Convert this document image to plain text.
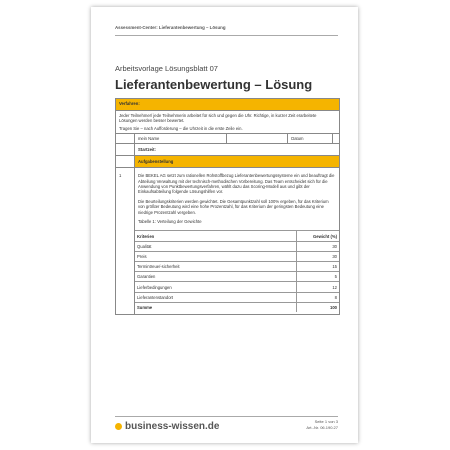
Assessment-Center: Lieferantenbewertung – Lösung
Arbeitsvorlage Lösungsblatt 07
Lieferantenbewertung – Lösung
Verfahren:
Jeder Teilnehmer/ jede Teilnehmerin arbeitet für sich und gegen die Uhr. Richtige, in kurzer Zeit erarbeitete Lösungen werden besser bewertet.
Tragen Sie – nach Aufforderung – die Uhrzeit in die erste Zeile ein.
mein Name	Datum
Startzeit:
Aufgabenstellung
1	Die BEKEL AG setzt zum rationellen Rohstoffbezug Lieferantenbewertungssysteme ein und beauftragt die Abteilung Verwaltung mit der technisch-methodischen Vorbereitung. Das Team entscheidet sich für die Anwendung von Punktbewertungsverfahren, wählt dazu das Scoring-Modell aus und gibt der Einkaufsabteilung folgende Lösungshilfen vor.
Die Beurteilungskriterien werden gewichtet. Die Gesamtpunktzahl soll 100% ergeben, für das Kriterium von größter Bedeutung wird eine hohe Prozentzahl, für das Kriterium der geringsten Bedeutung eine niedrige Prozentzahl vergeben.
Tabelle 1: Verteilung der Gewichte
Kriterien	Gewicht (%)
Qualität	30
Preis	30
Termintreue/-sicherheit	15
Garantien	5
Lieferbedingungen	12
Lieferantenstandort	8
Summe	100
business-wissen.de	Seite 1 von 3
Art.-Nr. 06.190.27
